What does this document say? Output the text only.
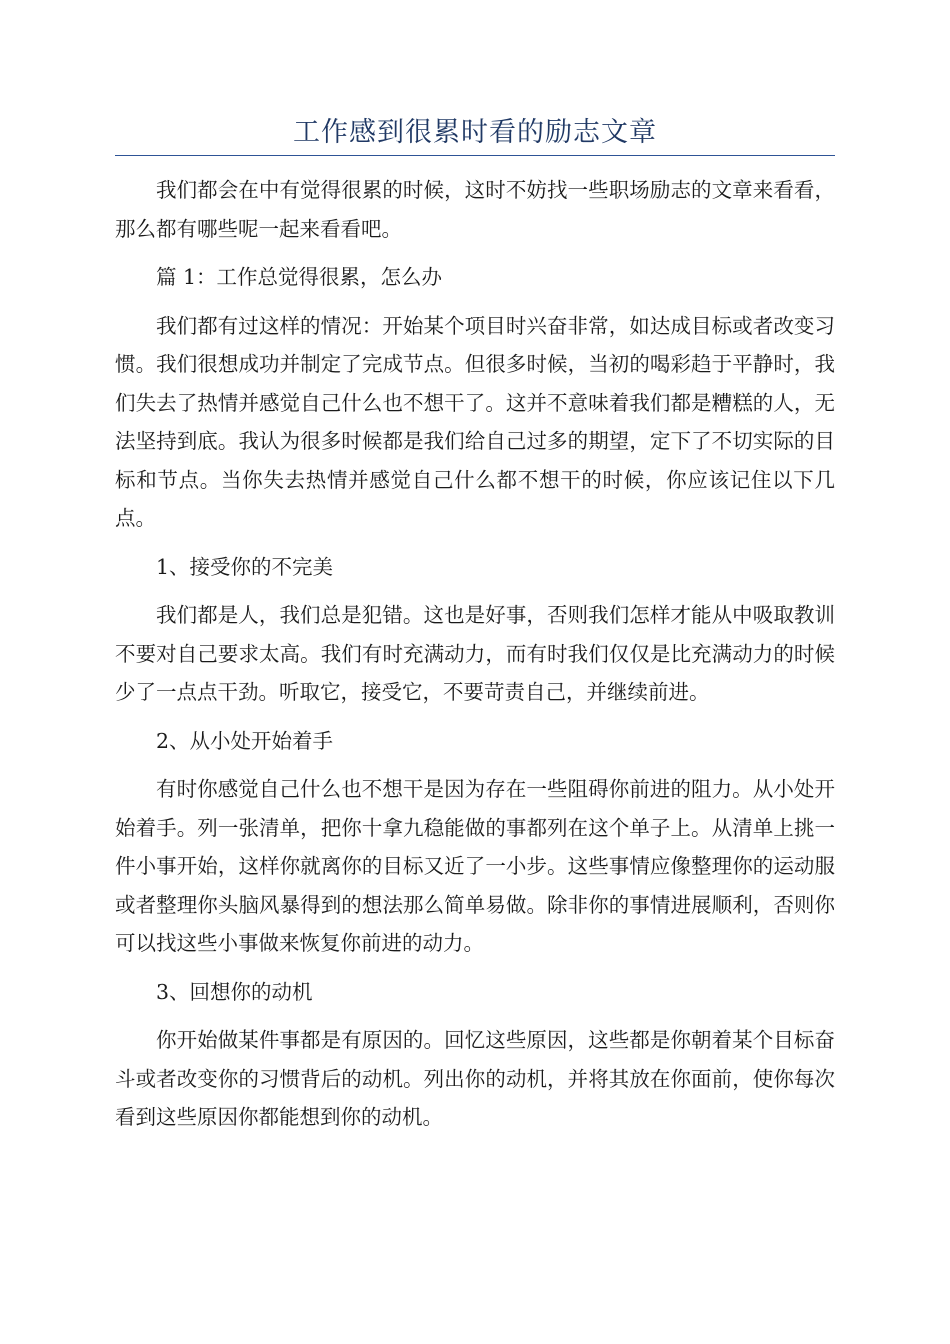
工作感到很累时看的励志文章

我们都会在中有觉得很累的时候，这时不妨找一些职场励志的文章来看看，那么都有哪些呢一起来看看吧。

篇 1：工作总觉得很累，怎么办

我们都有过这样的情况：开始某个项目时兴奋非常，如达成目标或者改变习惯。我们很想成功并制定了完成节点。但很多时候，当初的喝彩趋于平静时，我们失去了热情并感觉自己什么也不想干了。这并不意味着我们都是糟糕的人，无法坚持到底。我认为很多时候都是我们给自己过多的期望，定下了不切实际的目标和节点。当你失去热情并感觉自己什么都不想干的时候，你应该记住以下几点。

1、接受你的不完美

我们都是人，我们总是犯错。这也是好事，否则我们怎样才能从中吸取教训不要对自己要求太高。我们有时充满动力，而有时我们仅仅是比充满动力的时候少了一点点干劲。听取它，接受它，不要苛责自己，并继续前进。

2、从小处开始着手

有时你感觉自己什么也不想干是因为存在一些阻碍你前进的阻力。从小处开始着手。列一张清单，把你十拿九稳能做的事都列在这个单子上。从清单上挑一件小事开始，这样你就离你的目标又近了一小步。这些事情应像整理你的运动服或者整理你头脑风暴得到的想法那么简单易做。除非你的事情进展顺利，否则你可以找这些小事做来恢复你前进的动力。

3、回想你的动机

你开始做某件事都是有原因的。回忆这些原因，这些都是你朝着某个目标奋斗或者改变你的习惯背后的动机。列出你的动机，并将其放在你面前，使你每次看到这些原因你都能想到你的动机。
